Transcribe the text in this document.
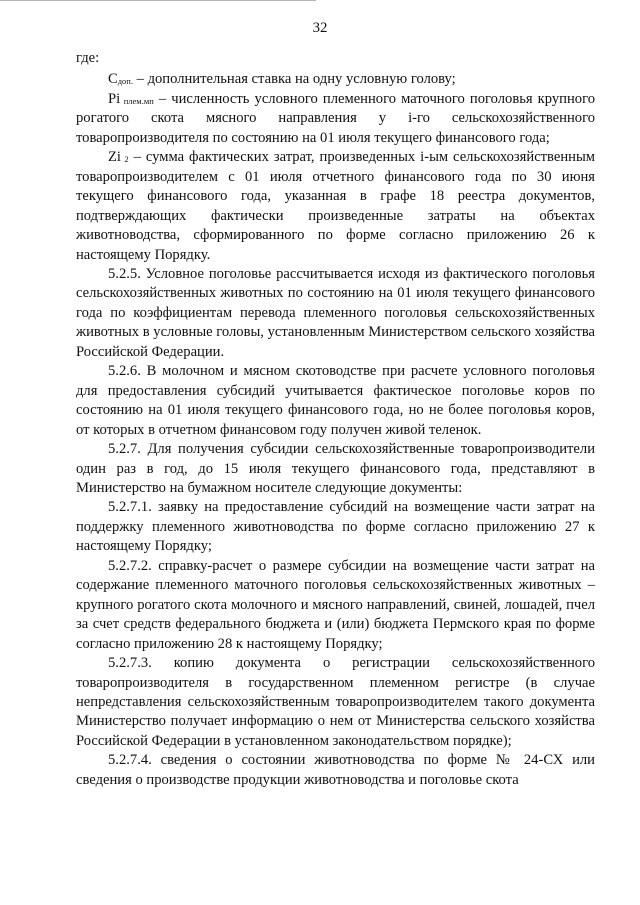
32

где:

$С_{доп.}$ – дополнительная ставка на одну условную голову;

Pi $_{плем.мп}$ – численность условного племенного маточного поголовья крупного рогатого скота мясного направления у i-го сельскохозяйственного товаропроизводителя по состоянию на 01 июля текущего финансового года;

Zi $_2$ – сумма фактических затрат, произведенных i-ым сельскохозяйственным товаропроизводителем с 01 июля отчетного финансового года по 30 июня текущего финансового года, указанная в графе 18 реестра документов, подтверждающих фактически произведенные затраты на объектах животноводства, сформированного по форме согласно приложению 26 к настоящему Порядку.

5.2.5. Условное поголовье рассчитывается исходя из фактического поголовья сельскохозяйственных животных по состоянию на 01 июля текущего финансового года по коэффициентам перевода племенного поголовья сельскохозяйственных животных в условные головы, установленным Министерством сельского хозяйства Российской Федерации.

5.2.6. В молочном и мясном скотоводстве при расчете условного поголовья для предоставления субсидий учитывается фактическое поголовье коров по состоянию на 01 июля текущего финансового года, но не более поголовья коров, от которых в отчетном финансовом году получен живой теленок.

5.2.7. Для получения субсидии сельскохозяйственные товаропроизводители один раз в год, до 15 июля текущего финансового года, представляют в Министерство на бумажном носителе следующие документы:

5.2.7.1. заявку на предоставление субсидий на возмещение части затрат на поддержку племенного животноводства по форме согласно приложению 27 к настоящему Порядку;

5.2.7.2. справку-расчет о размере субсидии на возмещение части затрат на содержание племенного маточного поголовья сельскохозяйственных животных – крупного рогатого скота молочного и мясного направлений, свиней, лошадей, пчел за счет средств федерального бюджета и (или) бюджета Пермского края по форме согласно приложению 28 к настоящему Порядку;

5.2.7.3. копию документа о регистрации сельскохозяйственного товаропроизводителя в государственном племенном регистре (в случае непредставления сельскохозяйственным товаропроизводителем такого документа Министерство получает информацию о нем от Министерства сельского хозяйства Российской Федерации в установленном законодательством порядке);

5.2.7.4. сведения о состоянии животноводства по форме № 24-СХ или сведения о производстве продукции животноводства и поголовье скота
